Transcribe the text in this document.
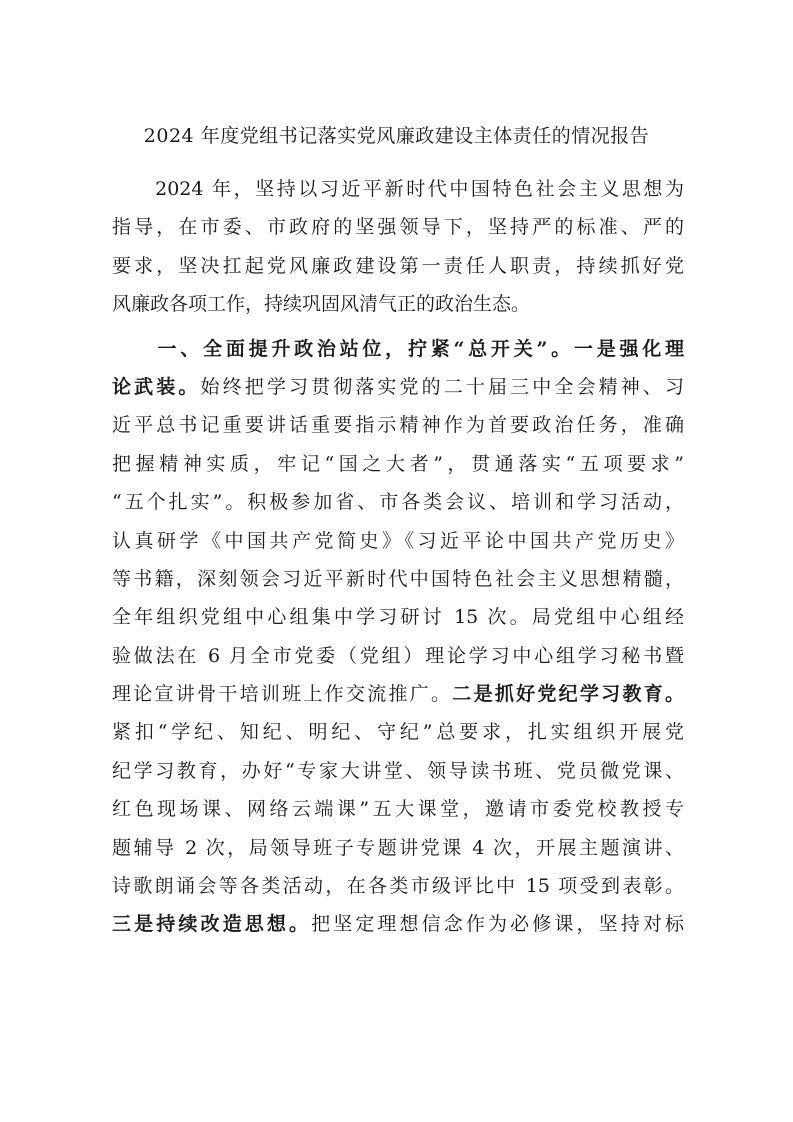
2024 年度党组书记落实党风廉政建设主体责任的情况报告
　　2024 年，坚持以习近平新时代中国特色社会主义思想为
指导，在市委、市政府的坚强领导下，坚持严的标准、严的
要求，坚决扛起党风廉政建设第一责任人职责，持续抓好党
风廉政各项工作，持续巩固风清气正的政治生态。
　　一、全面提升政治站位，拧紧“总开关”。一是强化理
论武装。始终把学习贯彻落实党的二十届三中全会精神、习
近平总书记重要讲话重要指示精神作为首要政治任务，准确
把握精神实质，牢记“国之大者”，贯通落实“五项要求”
“五个扎实”。积极参加省、市各类会议、培训和学习活动，
认真研学《中国共产党简史》《习近平论中国共产党历史》
等书籍，深刻领会习近平新时代中国特色社会主义思想精髓，
全年组织党组中心组集中学习研讨 15 次。局党组中心组经
验做法在 6 月全市党委（党组）理论学习中心组学习秘书暨
理论宣讲骨干培训班上作交流推广。二是抓好党纪学习教育。
紧扣“学纪、知纪、明纪、守纪”总要求，扎实组织开展党
纪学习教育，办好“专家大讲堂、领导读书班、党员微党课、
红色现场课、网络云端课”五大课堂，邀请市委党校教授专
题辅导 2 次，局领导班子专题讲党课 4 次，开展主题演讲、
诗歌朗诵会等各类活动，在各类市级评比中 15 项受到表彰。
三是持续改造思想。把坚定理想信念作为必修课，坚持对标
